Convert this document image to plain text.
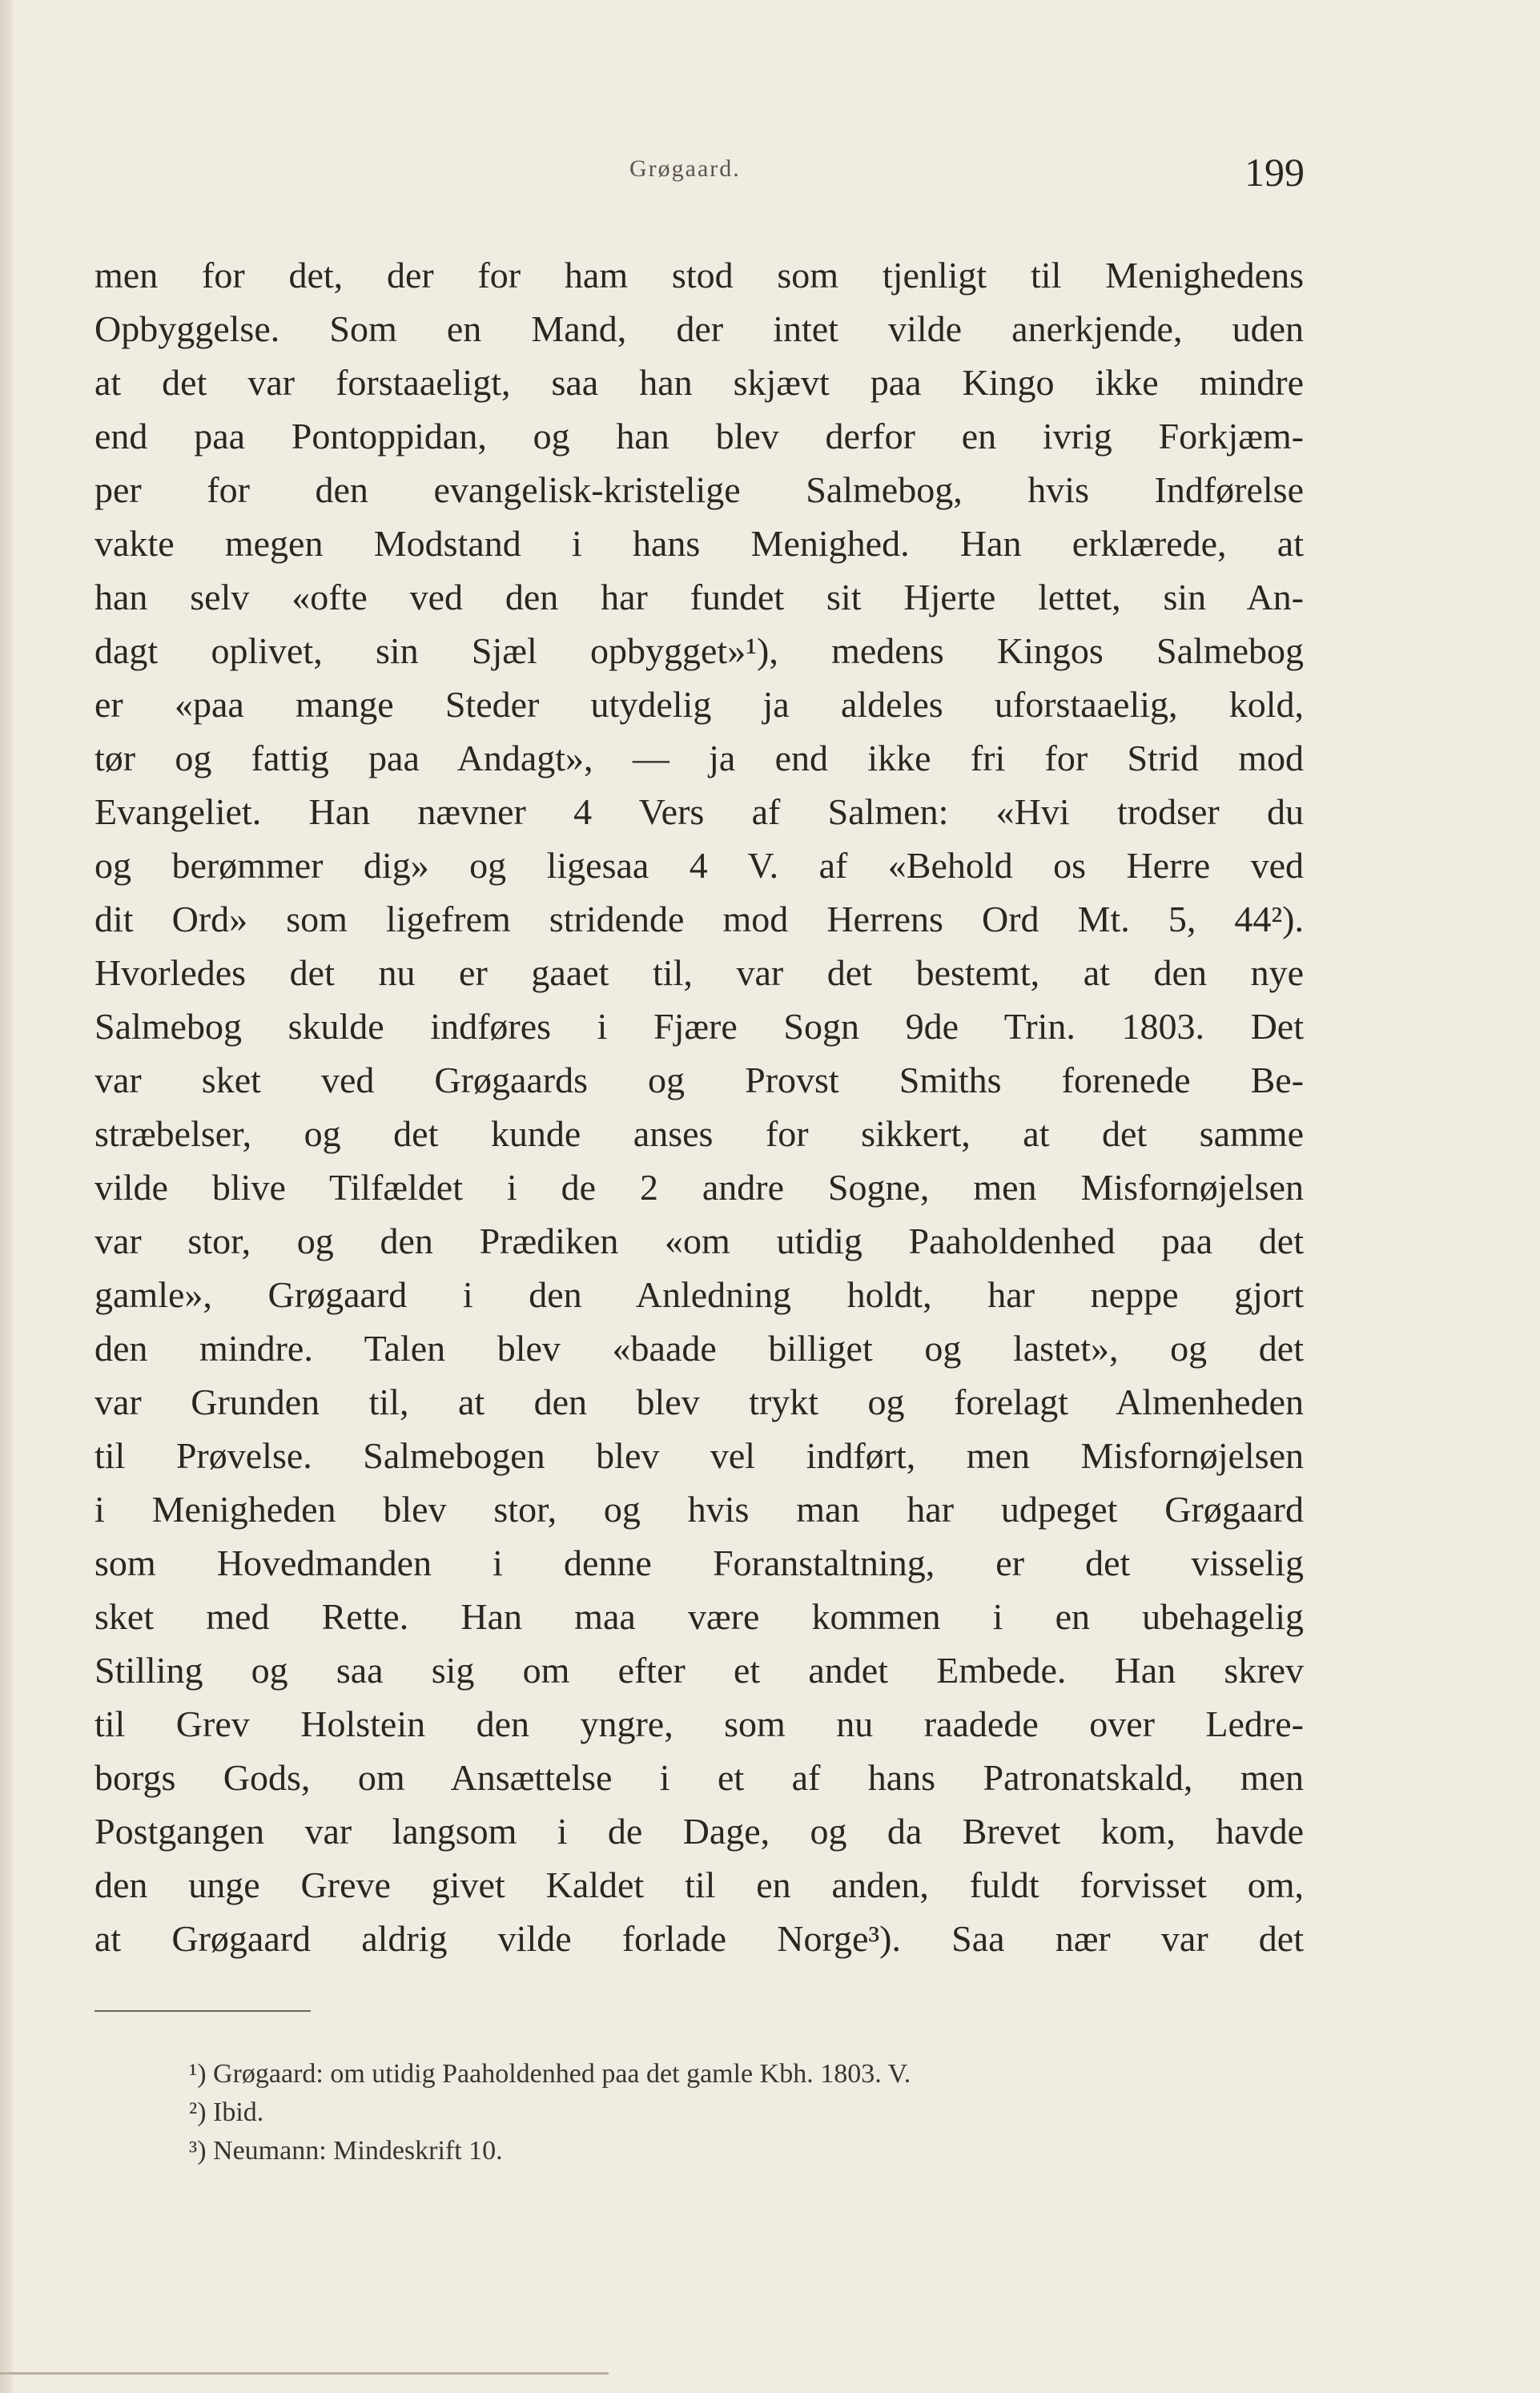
Grøgaard.	199
men for det, der for ham stod som tjenligt til Menighedens
Opbyggelse. Som en Mand, der intet vilde anerkjende, uden
at det var forstaaeligt, saa han skjævt paa Kingo ikke mindre
end paa Pontoppidan, og han blev derfor en ivrig Forkjæm-
per for den evangelisk-kristelige Salmebog, hvis Indførelse
vakte megen Modstand i hans Menighed. Han erklærede, at
han selv «ofte ved den har fundet sit Hjerte lettet, sin An-
dagt oplivet, sin Sjæl opbygget»¹), medens Kingos Salmebog
er «paa mange Steder utydelig ja aldeles uforstaaelig, kold,
tør og fattig paa Andagt», — ja end ikke fri for Strid mod
Evangeliet. Han nævner 4 Vers af Salmen: «Hvi trodser du
og berømmer dig» og ligesaa 4 V. af «Behold os Herre ved
dit Ord» som ligefrem stridende mod Herrens Ord Mt. 5, 44²).
Hvorledes det nu er gaaet til, var det bestemt, at den nye
Salmebog skulde indføres i Fjære Sogn 9de Trin. 1803. Det
var sket ved Grøgaards og Provst Smiths forenede Be-
stræbelser, og det kunde anses for sikkert, at det samme
vilde blive Tilfældet i de 2 andre Sogne, men Misfornøjelsen
var stor, og den Prædiken «om utidig Paaholdenhed paa det
gamle», Grøgaard i den Anledning holdt, har neppe gjort
den mindre. Talen blev «baade billiget og lastet», og det
var Grunden til, at den blev trykt og forelagt Almenheden
til Prøvelse. Salmebogen blev vel indført, men Misfornøjelsen
i Menigheden blev stor, og hvis man har udpeget Grøgaard
som Hovedmanden i denne Foranstaltning, er det visselig
sket med Rette. Han maa være kommen i en ubehagelig
Stilling og saa sig om efter et andet Embede. Han skrev
til Grev Holstein den yngre, som nu raadede over Ledre-
borgs Gods, om Ansættelse i et af hans Patronatskald, men
Postgangen var langsom i de Dage, og da Brevet kom, havde
den unge Greve givet Kaldet til en anden, fuldt forvisset om,
at Grøgaard aldrig vilde forlade Norge³). Saa nær var det
¹) Grøgaard: om utidig Paaholdenhed paa det gamle Kbh. 1803. V.
²) Ibid.
³) Neumann: Mindeskrift 10.
